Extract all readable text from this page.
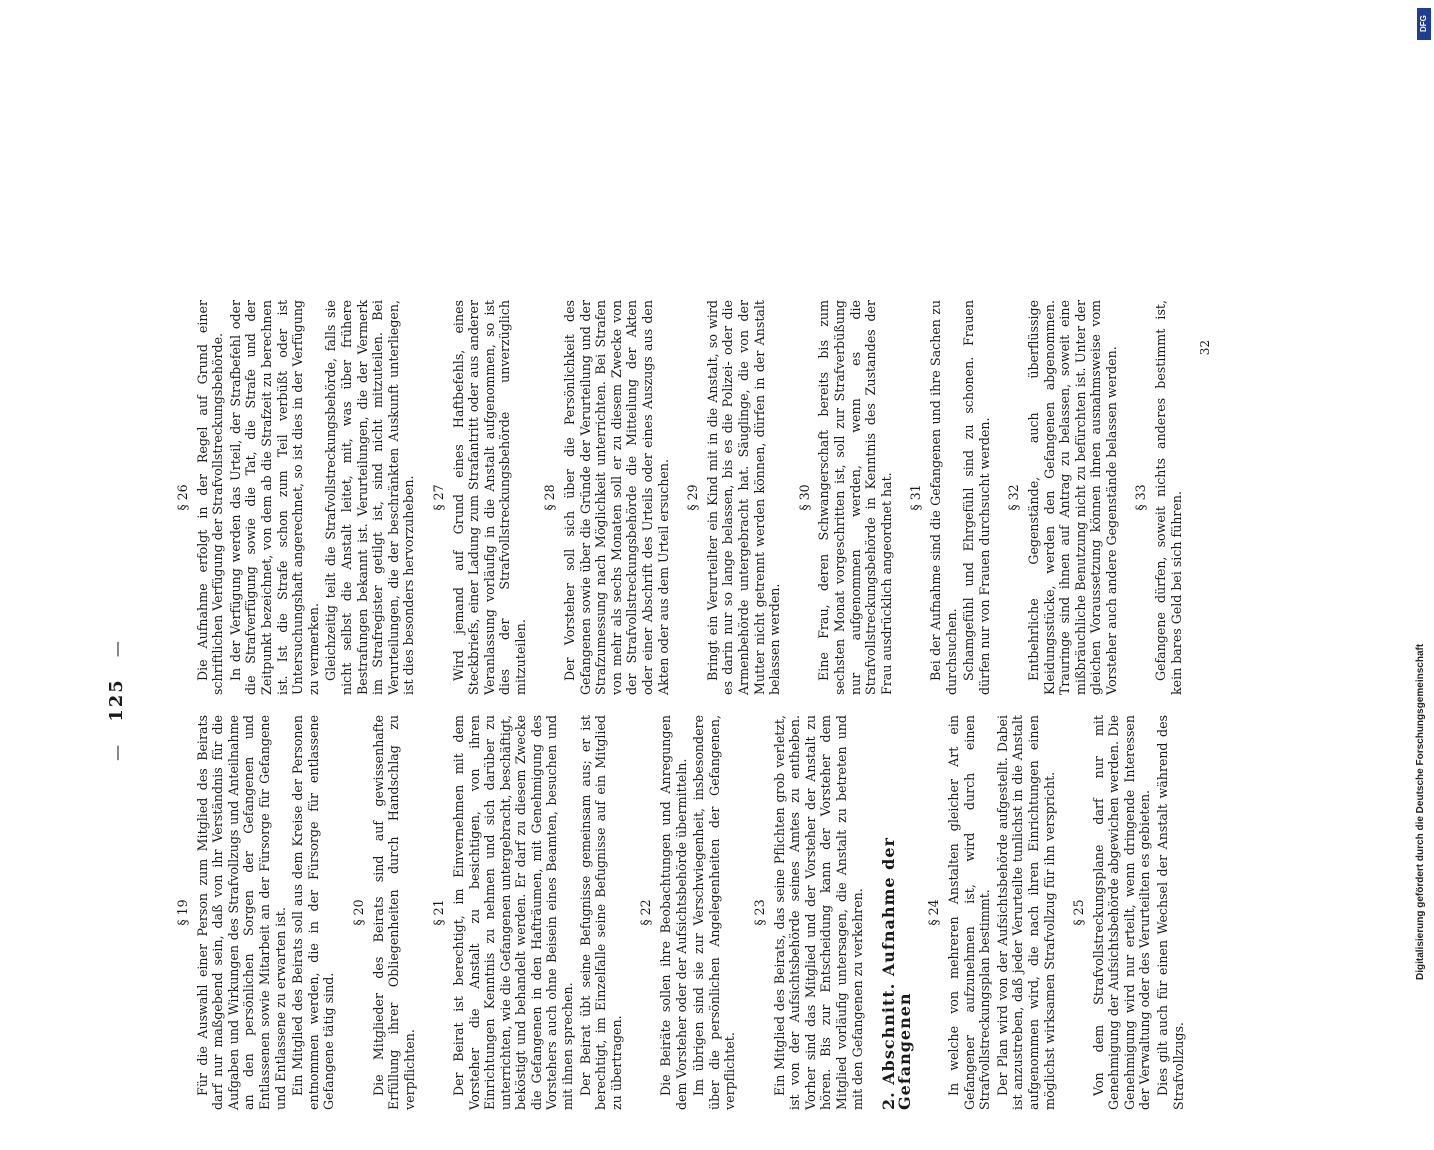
— 125 —
§ 19 Für die Auswahl einer Person zum Mitglied des Beirats darf nur maßgebend sein, daß von ihr Verständnis für die Aufgaben und Wirkungen des Strafvollzugs und Anteilnahme an den persönlichen Sorgen der Gefangenen und Entlassenen sowie Mitarbeit an der Fürsorge für Gefangene und Entlassene zu erwarten ist. Ein Mitglied des Beirats soll aus dem Kreise der Personen entnommen werden, die in der Fürsorge für entlassene Gefangene tätig sind.

§ 20 Die Mitglieder des Beirats sind auf gewissenhafte Erfüllung ihrer Obliegenheiten durch Handschlag zu verpflichten.

§ 21 Der Beirat ist berechtigt, im Einvernehmen mit dem Vorsteher die Anstalt zu besichtigen, von ihren Einrichtungen Kenntnis zu nehmen und sich darüber zu unterrichten, wie die Gefangenen untergebracht, beschäftigt, beköstigt und behandelt werden. Er darf zu diesem Zwecke die Gefangenen in den Hafträumen, mit Genehmigung des Vorstehers auch ohne Beisein eines Beamten, besuchen und mit ihnen sprechen. Der Beirat übt seine Befugnisse gemeinsam aus; er ist berechtigt, im Einzelfalle seine Befugnisse auf ein Mitglied zu übertragen.

§ 22 Die Beiräte sollen ihre Beobachtungen und Anregungen dem Vorsteher oder der Aufsichtsbehörde übermitteln. Im übrigen sind sie zur Verschwiegenheit, insbesondere über die persönlichen Angelegenheiten der Gefangenen, verpflichtet.

§ 23 Ein Mitglied des Beirats, das seine Pflichten grob verletzt, ist von der Aufsichtsbehörde seines Amtes zu entheben. Vorher sind das Mitglied und der Vorsteher der Anstalt zu hören. Bis zur Entscheidung kann der Vorsteher dem Mitglied vorläufig untersagen, die Anstalt zu betreten und mit den Gefangenen zu verkehren. 2. Abschnitt. Aufnahme der Gefangenen
§ 24 In welche von mehreren Anstalten gleicher Art ein Gefangener aufzunehmen ist, wird durch einen Strafvollstreckungsplan bestimmt. Der Plan wird von der Aufsichtsbehörde aufgestellt. Dabei ist anzustreben, daß jeder Verurteilte tunlichst in die Anstalt aufgenommen wird, die nach ihren Einrichtungen einen möglichst wirksamen Strafvollzug für ihn verspricht. § 25 Von dem Strafvollstreckungsplane darf nur mit Genehmigung der Aufsichtsbehörde abgewichen werden. Die Genehmigung wird nur erteilt, wenn dringende Interessen der Verwaltung oder des Verurteilten es gebieten. Dies gilt auch für einen Wechsel der Anstalt während des Strafvollzugs.

§ 26 Die Aufnahme erfolgt in der Regel auf Grund einer schriftlichen Verfügung der Strafvollstreckungsbehörde. In der Verfügung werden das Urteil, der Strafbefehl oder die Strafverfügung sowie die Tat, die Strafe und der Zeitpunkt bezeichnet, von dem ab die Strafzeit zu berechnen ist. Ist die Strafe schon zum Teil verbüßt oder ist Untersuchungshaft angerechnet, so ist dies in der Verfügung zu vermerken. Gleichzeitig teilt die Strafvollstreckungsbehörde, falls sie nicht selbst die Anstalt leitet, mit, was über frühere Bestrafungen bekannt ist. Verurteilungen, die der Vermerk im Strafregister getilgt ist, sind nicht mitzuteilen. Bei Verurteilungen, die der beschränkten Auskunft unterliegen, ist dies besonders hervorzuheben. § 27 Wird jemand auf Grund eines Haftbefehls, eines Steckbriefs, einer Ladung zum Strafantritt oder aus anderer Veranlassung vorläufig in die Anstalt aufgenommen, so ist dies der Strafvollstreckungsbehörde unverzüglich mitzuteilen.

§ 28 Der Vorsteher soll sich über die Persönlichkeit des Gefangenen sowie über die Gründe der Verurteilung und der Strafzumessung nach Möglichkeit unterrichten. Bei Strafen von mehr als sechs Monaten soll er zu diesem Zwecke von der Strafvollstreckungsbehörde die Mitteilung der Akten oder einer Abschrift des Urteils oder eines Auszugs aus den Akten oder aus dem Urteil ersuchen. § 29 Bringt ein Verurteilter ein Kind mit in die Anstalt, so wird es darin nur so lange belassen, bis es die Polizei- oder die Armenbehörde untergebracht hat. Säuglinge, die von der Mutter nicht getrennt werden können, dürfen in der Anstalt belassen werden.

§ 30 Eine Frau, deren Schwangerschaft bereits bis zum sechsten Monat vorgeschritten ist, soll zur Strafverbüßung nur aufgenommen werden, wenn es die Strafvollstreckungsbehörde in Kenntnis des Zustandes der Frau ausdrücklich angeordnet hat. § 31 Bei der Aufnahme sind die Gefangenen und ihre Sachen zu durchsuchen. Schamgefühl und Ehrgefühl sind zu schonen. Frauen dürfen nur von Frauen durchsucht werden. § 32 Entbehrliche Gegenstände, auch überflüssige Kleidungsstücke, werden den Gefangenen abgenommen. Trauringe sind ihnen auf Antrag zu belassen, soweit eine mißbräuchliche Benutzung nicht zu befürchten ist. Unter der gleichen Voraussetzung können ihnen ausnahmsweise vom Vorsteher auch andere Gegenstände belassen werden. § 33 Gefangene dürfen, soweit nichts anderes bestimmt ist, kein bares Geld bei sich führen.

32
DFG
Digitalisierung gefördert durch die Deutsche Forschungsgemeinschaft
